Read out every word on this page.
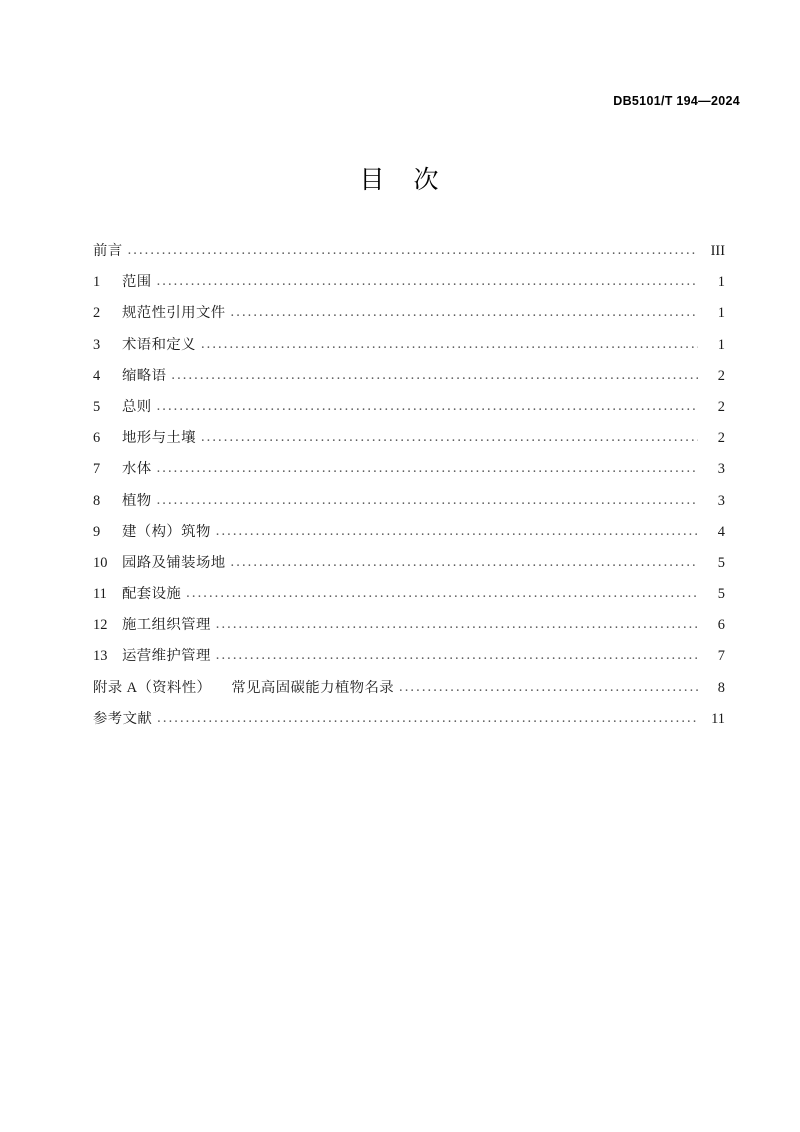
DB5101/T 194—2024
目　次
前言 .....	III
1	范围 .....	1
2	规范性引用文件 .....	1
3	术语和定义 .....	1
4	缩略语 .....	2
5	总则 .....	2
6	地形与土壤 .....	2
7	水体 .....	3
8	植物 .....	3
9	建（构）筑物 .....	4
10 园路及铺装场地 .....	5
11 配套设施 .....	5
12 施工组织管理 .....	6
13 运营维护管理 .....	7
附录 A（资料性） 常见高固碳能力植物名录 .....	8
参考文献 .....	11
